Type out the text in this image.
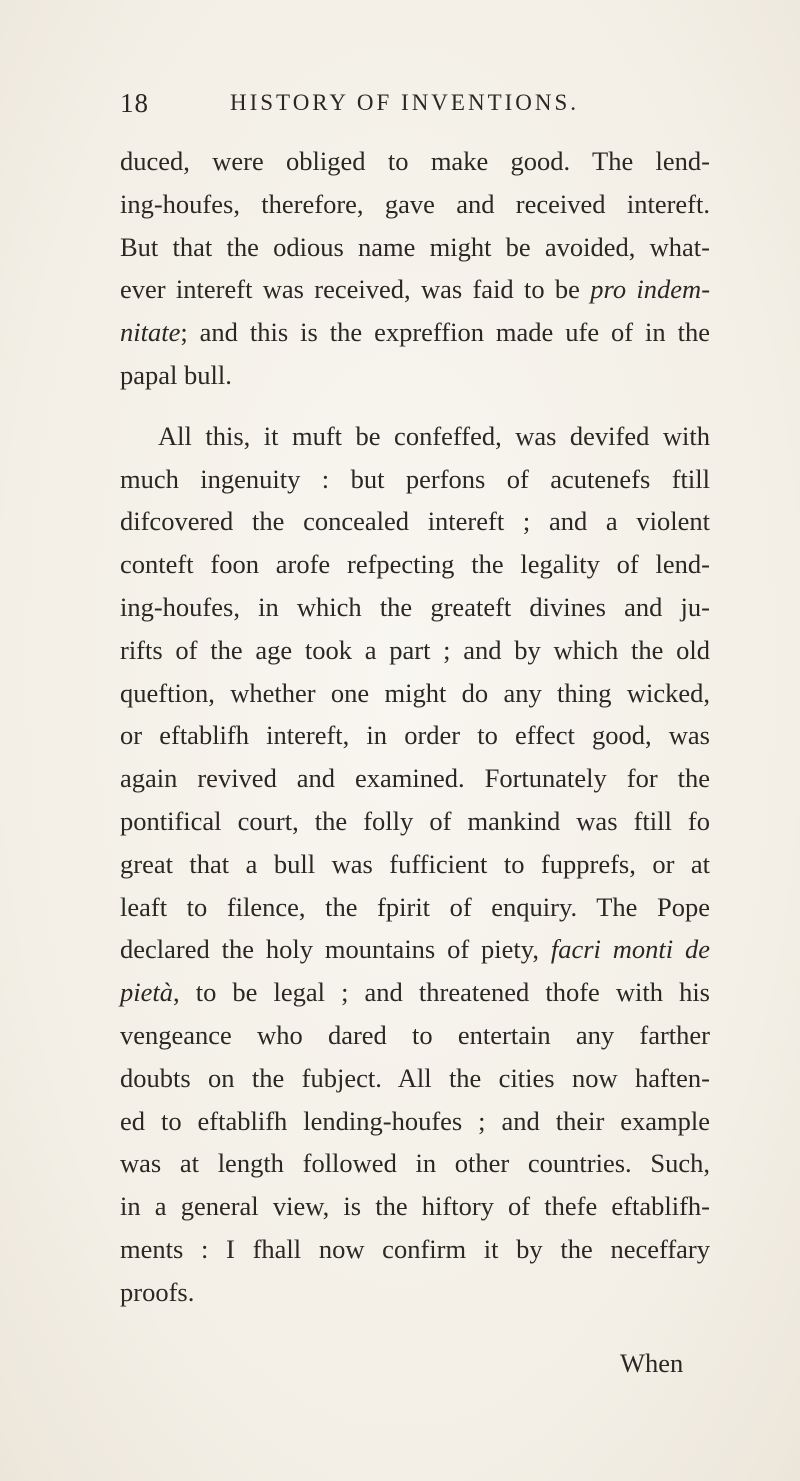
18	HISTORY OF INVENTIONS.
duced, were obliged to make good. The lend-
ing-houfes, therefore, gave and received intereft.
But that the odious name might be avoided, what-
ever intereft was received, was faid to be pro indem-
nitate; and this is the expreffion made ufe of in the
papal bull.
All this, it muft be confeffed, was devifed with
much ingenuity : but perfons of acutenefs ftill
difcovered the concealed intereft ; and a violent
conteft foon arofe refpecting the legality of lend-
ing-houfes, in which the greateft divines and ju-
rifts of the age took a part ; and by which the old
queftion, whether one might do any thing wicked,
or eftablifh intereft, in order to effect good, was
again revived and examined. Fortunately for the
pontifical court, the folly of mankind was ftill fo
great that a bull was fufficient to fupprefs, or at
leaft to filence, the fpirit of enquiry. The Pope
declared the holy mountains of piety, facri monti de
pietà, to be legal ; and threatened thofe with his
vengeance who dared to entertain any farther
doubts on the fubject. All the cities now haften-
ed to eftablifh lending-houfes ; and their example
was at length followed in other countries. Such,
in a general view, is the hiftory of thefe eftablifh-
ments : I fhall now confirm it by the neceffary
proofs.
When
